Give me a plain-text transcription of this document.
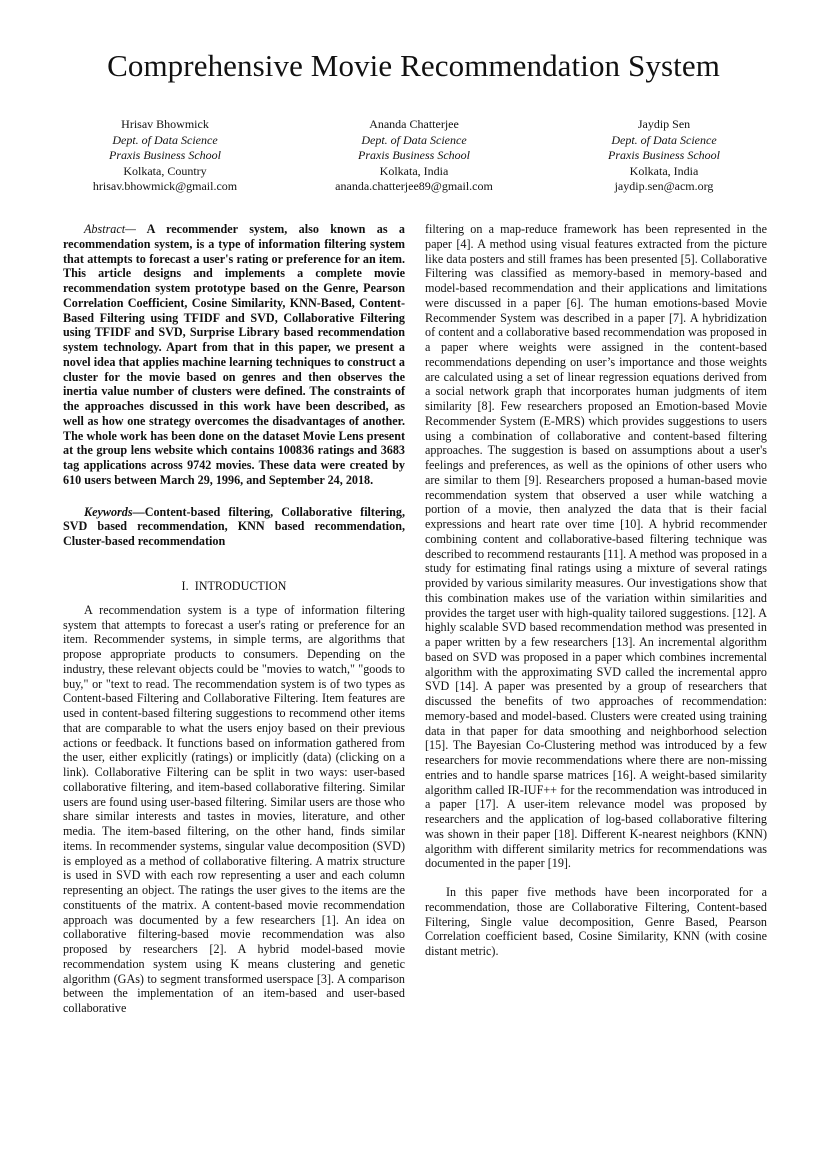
Comprehensive Movie Recommendation System
Hrisav Bhowmick
Dept. of Data Science
Praxis Business School
Kolkata, Country
hrisav.bhowmick@gmail.com
Ananda Chatterjee
Dept. of Data Science
Praxis Business School
Kolkata, India
ananda.chatterjee89@gmail.com
Jaydip Sen
Dept. of Data Science
Praxis Business School
Kolkata, India
jaydip.sen@acm.org

Abstract— A recommender system, also known as a recommendation system, is a type of information filtering system that attempts to forecast a user's rating or preference for an item. This article designs and implements a complete movie recommendation system prototype based on the Genre, Pearson Correlation Coefficient, Cosine Similarity, KNN-Based, Content-Based Filtering using TFIDF and SVD, Collaborative Filtering using TFIDF and SVD, Surprise Library based recommendation system technology. Apart from that in this paper, we present a novel idea that applies machine learning techniques to construct a cluster for the movie based on genres and then observes the inertia value number of clusters were defined. The constraints of the approaches discussed in this work have been described, as well as how one strategy overcomes the disadvantages of another. The whole work has been done on the dataset Movie Lens present at the group lens website which contains 100836 ratings and 3683 tag applications across 9742 movies. These data were created by 610 users between March 29, 1996, and September 24, 2018.

Keywords—Content-based filtering, Collaborative filtering, SVD based recommendation, KNN based recommendation, Cluster-based recommendation

I. INTRODUCTION

A recommendation system is a type of information filtering system that attempts to forecast a user's rating or preference for an item. Recommender systems, in simple terms, are algorithms that propose appropriate products to consumers. Depending on the industry, these relevant objects could be "movies to watch," "goods to buy," or "text to read. The recommendation system is of two types as Content-based Filtering and Collaborative Filtering. Item features are used in content-based filtering suggestions to recommend other items that are comparable to what the users enjoy based on their previous actions or feedback. It functions based on information gathered from the user, either explicitly (ratings) or implicitly (data) (clicking on a link). Collaborative Filtering can be split in two ways: user-based collaborative filtering, and item-based collaborative filtering. Similar users are found using user-based filtering. Similar users are those who share similar interests and tastes in movies, literature, and other media. The item-based filtering, on the other hand, finds similar items. In recommender systems, singular value decomposition (SVD) is employed as a method of collaborative filtering. A matrix structure is used in SVD with each row representing a user and each column representing an object. The ratings the user gives to the items are the constituents of the matrix. A content-based movie recommendation approach was documented by a few researchers [1]. An idea on collaborative filtering-based movie recommendation was also proposed by researchers [2]. A hybrid model-based movie recommendation system using K means clustering and genetic algorithm (GAs) to segment transformed userspace [3]. A comparison between the implementation of an item-based and user-based collaborative

filtering on a map-reduce framework has been represented in the paper [4]. A method using visual features extracted from the picture like data posters and still frames has been presented [5]. Collaborative Filtering was classified as memory-based in memory-based and model-based recommendation and their applications and limitations were discussed in a paper [6]. The human emotions-based Movie Recommender System was described in a paper [7]. A hybridization of content and a collaborative based recommendation was proposed in a paper where weights were assigned in the content-based recommendations depending on user’s importance and those weights are calculated using a set of linear regression equations derived from a social network graph that incorporates human judgments of item similarity [8]. Few researchers proposed an Emotion-based Movie Recommender System (E-MRS) which provides suggestions to users using a combination of collaborative and content-based filtering approaches. The suggestion is based on assumptions about a user's feelings and preferences, as well as the opinions of other users who are similar to them [9]. Researchers proposed a human-based movie recommendation system that observed a user while watching a portion of a movie, then analyzed the data that is their facial expressions and heart rate over time [10]. A hybrid recommender combining content and collaborative-based filtering technique was described to recommend restaurants [11]. A method was proposed in a study for estimating final ratings using a mixture of several ratings provided by various similarity measures. Our investigations show that this combination makes use of the variation within similarities and provides the target user with high-quality tailored suggestions. [12]. A highly scalable SVD based recommendation method was presented in a paper written by a few researchers [13]. An incremental algorithm based on SVD was proposed in a paper which combines incremental algorithm with the approximating SVD called the incremental appro SVD [14]. A paper was presented by a group of researchers that discussed the benefits of two approaches of recommendation: memory-based and model-based. Clusters were created using training data in that paper for data smoothing and neighborhood selection [15]. The Bayesian Co-Clustering method was introduced by a few researchers for movie recommendations where there are non-missing entries and to handle sparse matrices [16]. A weight-based similarity algorithm called IR-IUF++ for the recommendation was introduced in a paper [17]. A user-item relevance model was proposed by researchers and the application of log-based collaborative filtering was shown in their paper [18]. Different K-nearest neighbors (KNN) algorithm with different similarity metrics for recommendations was documented in the paper [19].

In this paper five methods have been incorporated for a recommendation, those are Collaborative Filtering, Content-based Filtering, Single value decomposition, Genre Based, Pearson Correlation coefficient based, Cosine Similarity, KNN (with cosine distant metric).
